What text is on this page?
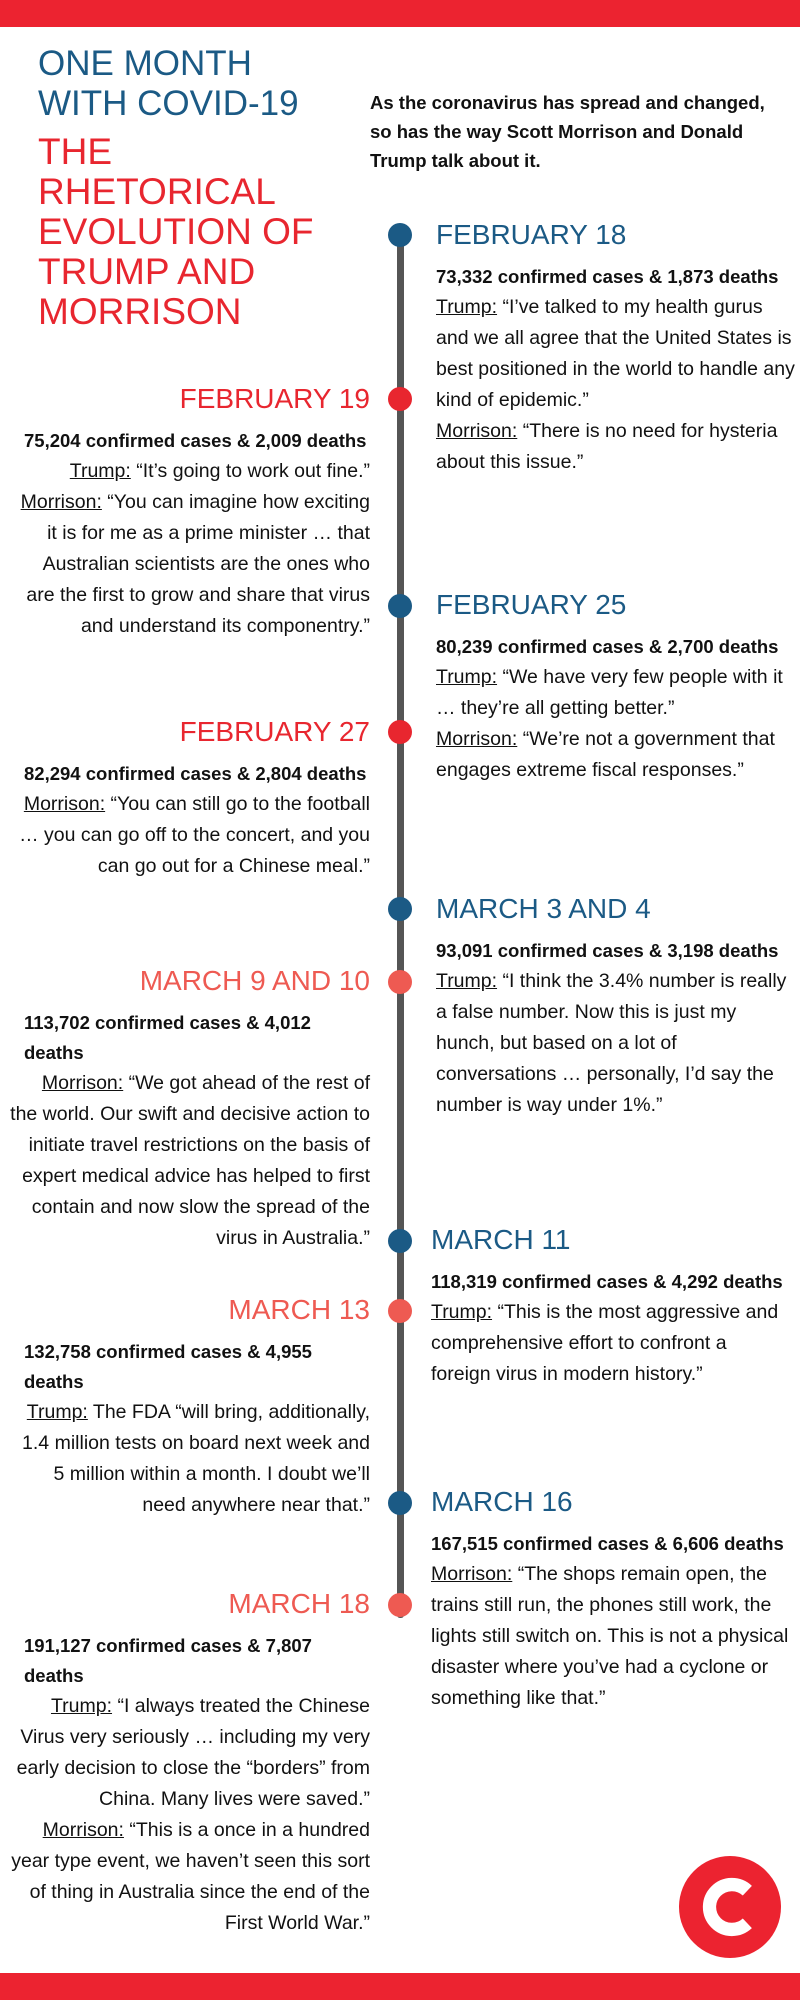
ONE MONTH
WITH COVID-19
THE RHETORICAL EVOLUTION OF TRUMP AND MORRISON
As the coronavirus has spread and changed, so has the way Scott Morrison and Donald Trump talk about it.
FEBRUARY 18
73,332 confirmed cases & 1,873 deaths

Trump: “I’ve talked to my health gurus and we all agree that the United States is best positioned in the world to handle any kind of epidemic.”

Morrison: “There is no need for hysteria about this issue.”

FEBRUARY 19
75,204 confirmed cases & 2,009 deaths

Trump: “It’s going to work out fine.”

Morrison: “You can imagine how exciting it is for me as a prime minister … that Australian scientists are the ones who are the first to grow and share that virus and understand its componentry.”

FEBRUARY 25
80,239 confirmed cases & 2,700 deaths

Trump: “We have very few people with it … they’re all getting better.”

Morrison: “We’re not a government that engages extreme fiscal responses.”

FEBRUARY 27
82,294 confirmed cases & 2,804 deaths

Morrison: “You can still go to the football … you can go off to the concert, and you can go out for a Chinese meal.”

MARCH 3 AND 4
93,091 confirmed cases & 3,198 deaths

Trump: “I think the 3.4% number is really a false number. Now this is just my hunch, but based on a lot of conversations … personally, I’d say the number is way under 1%.”

MARCH 9 AND 10
113,702 confirmed cases & 4,012 deaths

Morrison: “We got ahead of the rest of the world. Our swift and decisive action to initiate travel restrictions on the basis of expert medical advice has helped to first contain and now slow the spread of the virus in Australia.” MARCH 11
118,319 confirmed cases & 4,292 deaths

Trump: “This is the most aggressive and comprehensive effort to confront a foreign virus in modern history.”

MARCH 13
132,758 confirmed cases & 4,955 deaths

Trump: The FDA “will bring, additionally, 1.4 million tests on board next week and 5 million within a month. I doubt we’ll need anywhere near that.” MARCH 16
167,515 confirmed cases & 6,606 deaths

Morrison: “The shops remain open, the trains still run, the phones still work, the lights still switch on. This is not a physical disaster where you’ve had a cyclone or something like that.”

MARCH 18
191,127 confirmed cases & 7,807 deaths

Trump: “I always treated the Chinese Virus very seriously … including my very early decision to close the “borders” from China. Many lives were saved.”

Morrison: “This is a once in a hundred year type event, we haven’t seen this sort of thing in Australia since the end of the First World War.”
